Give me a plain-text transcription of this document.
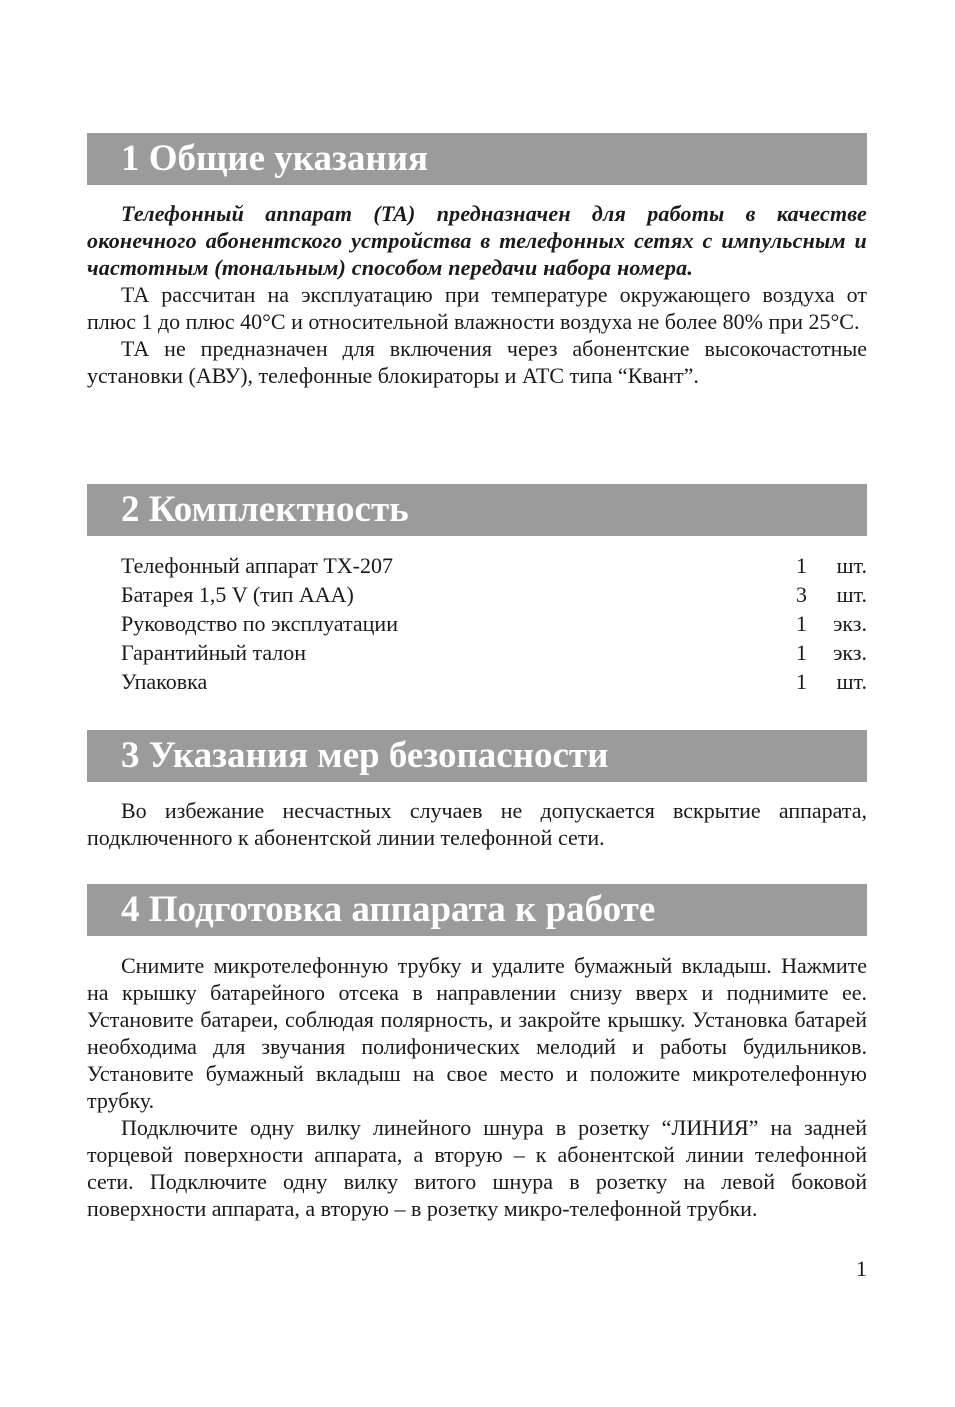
1 Общие указания

Телефонный аппарат (ТА) предназначен для работы в качестве оконечного абонентского устройства в телефонных сетях с импульсным и частотным (тональным) способом передачи набора номера.

ТА рассчитан на эксплуатацию при температуре окружающего воздуха от плюс 1 до плюс 40°С и относительной влажности воздуха не более 80% при 25°С.

ТА не предназначен для включения через абонентские высокочастотные установки (АВУ), телефонные блокираторы и АТС типа “Квант”.

2 Комплектность
Телефонный аппарат ТХ-207	1 шт.
Батарея 1,5 V (тип AAA)	3 шт.
Руководство по эксплуатации	1 экз.
Гарантийный талон	1 экз.
Упаковка	1 шт.
3 Указания мер безопасности

Во избежание несчастных случаев не допускается вскрытие аппарата, подключенного к абонентской линии телефонной сети.

4 Подготовка аппарата к работе

Снимите микротелефонную трубку и удалите бумажный вкладыш. Нажмите на крышку батарейного отсека в направлении снизу вверх и поднимите ее. Установите батареи, соблюдая полярность, и закройте крышку. Установка батарей необходима для звучания полифонических мелодий и работы будильников. Установите бумажный вкладыш на свое место и положите микротелефонную трубку.

Подключите одну вилку линейного шнура в розетку “ЛИНИЯ” на задней торцевой поверхности аппарата, а вторую – к абонентской линии телефонной сети. Подключите одну вилку витого шнура в розетку на левой боковой поверхности аппарата, а вторую – в розетку микро-телефонной трубки.

1
